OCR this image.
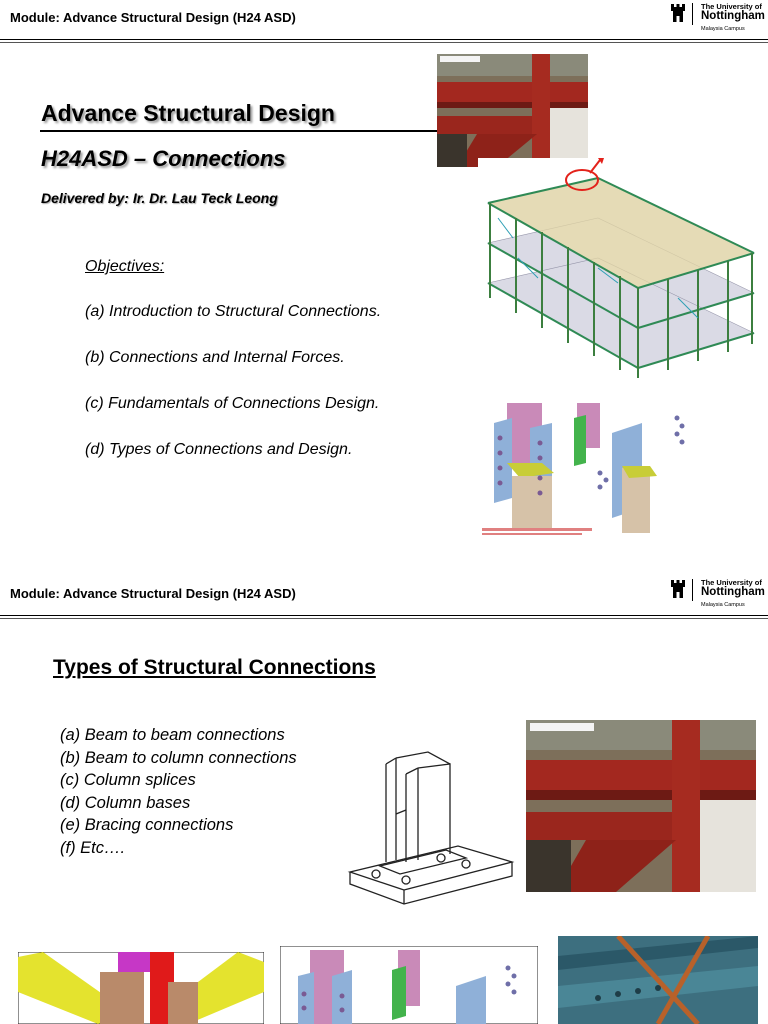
Module: Advance Structural Design (H24 ASD)
The University of
Nottingham
Malaysia Campus
Advance Structural Design
H24ASD – Connections
Delivered by: Ir. Dr. Lau Teck Leong
Objectives:
(a) Introduction to Structural Connections.
(b) Connections and Internal Forces.
(c) Fundamentals of Connections Design.
(d) Types of Connections and Design.
Module: Advance Structural Design (H24 ASD)
The University of
Nottingham
Malaysia Campus
Types of Structural Connections
(a) Beam to beam connections
(b) Beam to column connections
(c) Column splices
(d) Column bases
(e) Bracing connections
(f) Etc….
